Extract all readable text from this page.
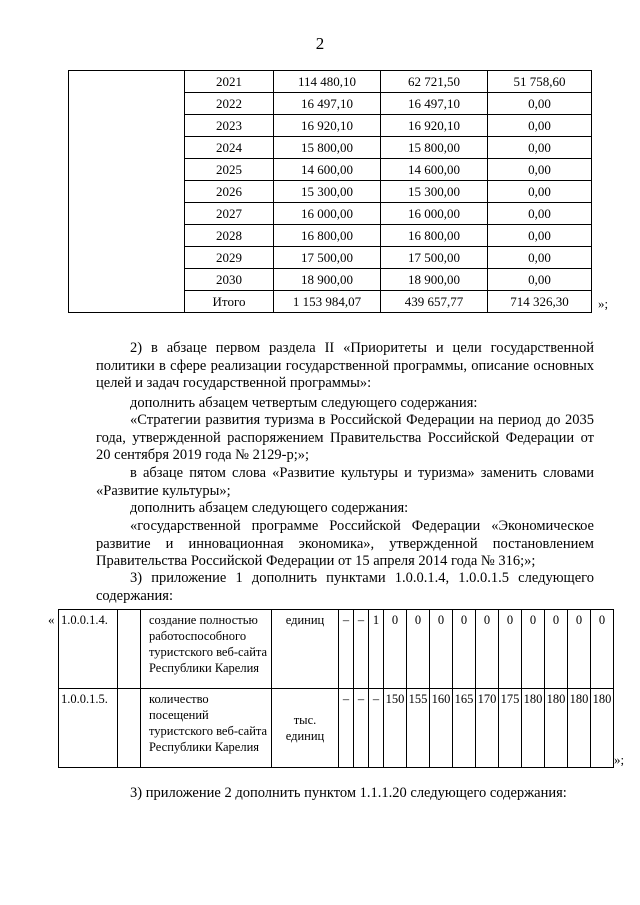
2
	2021	114 480,10	62 721,50	51 758,60
	2022	16 497,10	16 497,10	0,00
	2023	16 920,10	16 920,10	0,00
	2024	15 800,00	15 800,00	0,00
	2025	14 600,00	14 600,00	0,00
	2026	15 300,00	15 300,00	0,00
	2027	16 000,00	16 000,00	0,00
	2028	16 800,00	16 800,00	0,00
	2029	17 500,00	17 500,00	0,00
	2030	18 900,00	18 900,00	0,00
	Итого	1 153 984,07	439 657,77	714 326,30 »;
2) в абзаце первом раздела II «Приоритеты и цели государственной политики в сфере реализации государственной программы, описание основных целей и задач государственной программы»:
дополнить абзацем четвертым следующего содержания:
«Стратегии развития туризма в Российской Федерации на период до 2035 года, утвержденной распоряжением Правительства Российской Федерации от 20 сентября 2019 года № 2129-р;»;
в абзаце пятом слова «Развитие культуры и туризма» заменить словами «Развитие культуры»;
дополнить абзацем следующего содержания:
«государственной программе Российской Федерации «Экономическое развитие и инновационная экономика», утвержденной постановлением Правительства Российской Федерации от 15 апреля 2014 года № 316;»;
3) приложение 1 дополнить пунктами 1.0.0.1.4, 1.0.0.1.5 следующего содержания:
« 1.0.0.1.4.		создание полностью работоспособного туристского веб-сайта Республики Карелия	единиц	–	–	1	0	0	0	0	0	0	0	0	0	0
1.0.0.1.5.		количество посещений туристского веб-сайта Республики Карелия	тыс. единиц	–	–	–	150	155	160	165	170	175	180	180	180	180
»;
3) приложение 2 дополнить пунктом 1.1.1.20 следующего содержания:
